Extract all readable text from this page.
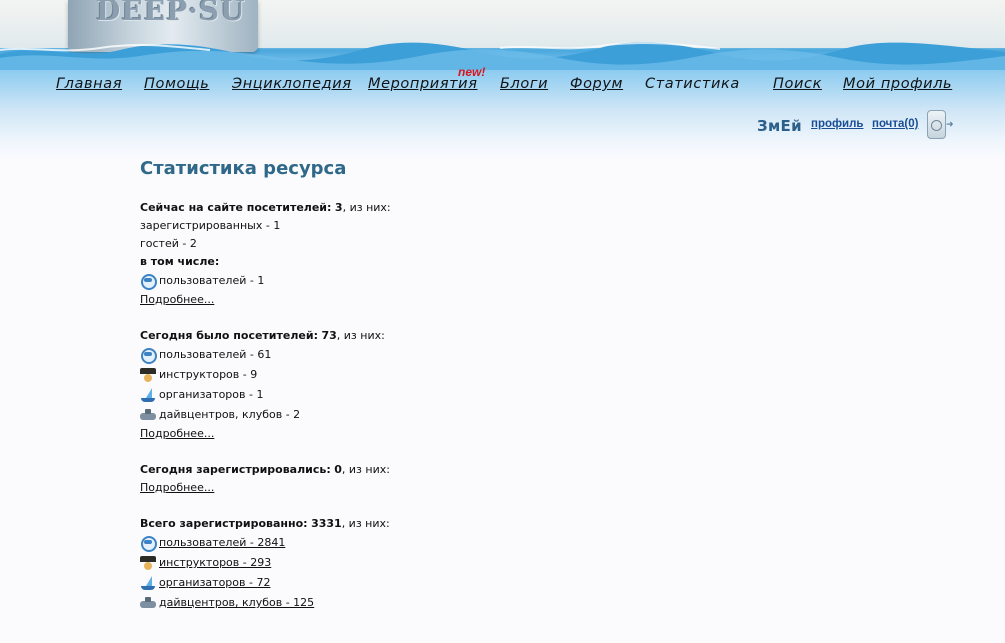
DEEP·SU
Главная Помощь Энциклопедия Мероприятия Блоги Форум Статистика Поиск Мой профиль
new!
ЗмЕй профиль почта(0)	➜
Статистика ресурса
Сейчас на сайте посетителей: 3, из них:
зарегистрированных - 1
гостей - 2
в том числе:
пользователей - 1
Подробнее...
Сегодня было посетителей: 73, из них:
пользователей - 61
инструкторов - 9
организаторов - 1
дайвцентров, клубов - 2
Подробнее...
Сегодня зарегистрировались: 0, из них:
Подробнее...
Всего зарегистрированно: 3331, из них:
пользователей - 2841
инструкторов - 293
организаторов - 72
дайвцентров, клубов - 125
